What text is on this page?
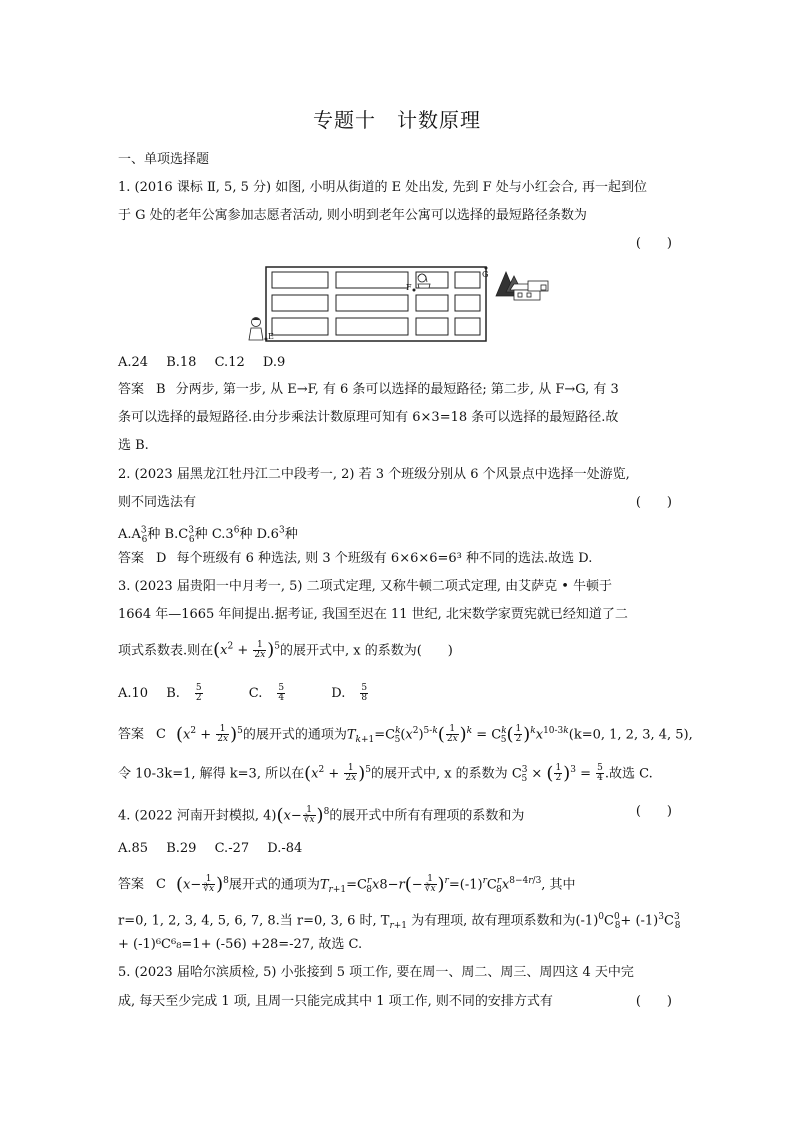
专题十　计数原理
一、单项选择题
1. (2016 课标 Ⅱ, 5, 5 分) 如图, 小明从街道的 E 处出发, 先到 F 处与小红会合, 再一起到位
于 G 处的老年公寓参加志愿者活动, 则小明到老年公寓可以选择的最短路径条数为
(　　)
E
F
G
A.24 B.18 C.12 D.9
答案 B 分两步, 第一步, 从 E→F, 有 6 条可以选择的最短路径; 第二步, 从 F→G, 有 3
条可以选择的最短路径.由分步乘法计数原理可知有 6×3=18 条可以选择的最短路径.故
选 B.
2. (2023 届黑龙江牡丹江二中段考一, 2) 若 3 个班级分别从 6 个风景点中选择一处游览,
则不同选法有	(　　)
$A.A^3_6$种 $B.C^3_6$种 $C.3^6$种 $D.6^3$种
答案 D 每个班级有 6 种选法, 则 3 个班级有 6×6×6=6³ 种不同的选法.故选 D.
3. (2023 届贵阳一中月考一, 5) 二项式定理, 又称牛顿二项式定理, 由艾萨克 • 牛顿于
1664 年—1665 年间提出.据考证, 我国至迟在 11 世纪, 北宋数学家贾宪就已经知道了二
项式系数表.则在$(x^2 + \frac{1}{2x} )^5$的展开式中, x 的系数为(　　)
A.10 B. $\frac{5}{2} C$. $\frac{5}{4} D$. $\frac{5}{8}$
答案 C $(x^2 + \frac{1}{2x} )^5$的展开式的通项为$T_{k+1}=C^k_5(x^2)^{5-k}( \frac{1}{2x} )^k = C^k_5( \frac{1}{2} )^kx^{10-3k}(k=0$, 1, 2, 3, 4, 5),
令 10-3k=1, 解得 k=3, 所以在$(x^2 + \frac{1}{2x} )^5$的展开式中, x 的系数为 $C^3_5$ × ( $\frac{1}{2} )^3 = \frac{5}{4}$ .故选 C.
4. (2022 河南开封模拟, $4)(x- \frac{1}{∛x} )^8$的展开式中所有有理项的系数和为	(　　)
A.85 B.29 C.-27 D.-84
答案 C $(x- \frac{1}{∛x} )^8$展开式的通项为$T_{r+1}=C^r_8x8-r(- \frac{1}{∛x} )^r=(-1)^rC^r_8x^{8-4r/3}$, 其中
r=0, 1, 2, 3, 4, 5, 6, 7, 8.当 r=0, 3, 6 时, $T_{r+1}$ 为有理项, 故有理项系数和为$(-1)^0C^0_8+ (-1)^3C^3_8$
+ (-1)⁶C⁶₈=1+ (-56) +28=-27, 故选 C.
5. (2023 届哈尔滨质检, 5) 小张接到 5 项工作, 要在周一、周二、周三、周四这 4 天中完
成, 每天至少完成 1 项, 且周一只能完成其中 1 项工作, 则不同的安排方式有	(　　)
